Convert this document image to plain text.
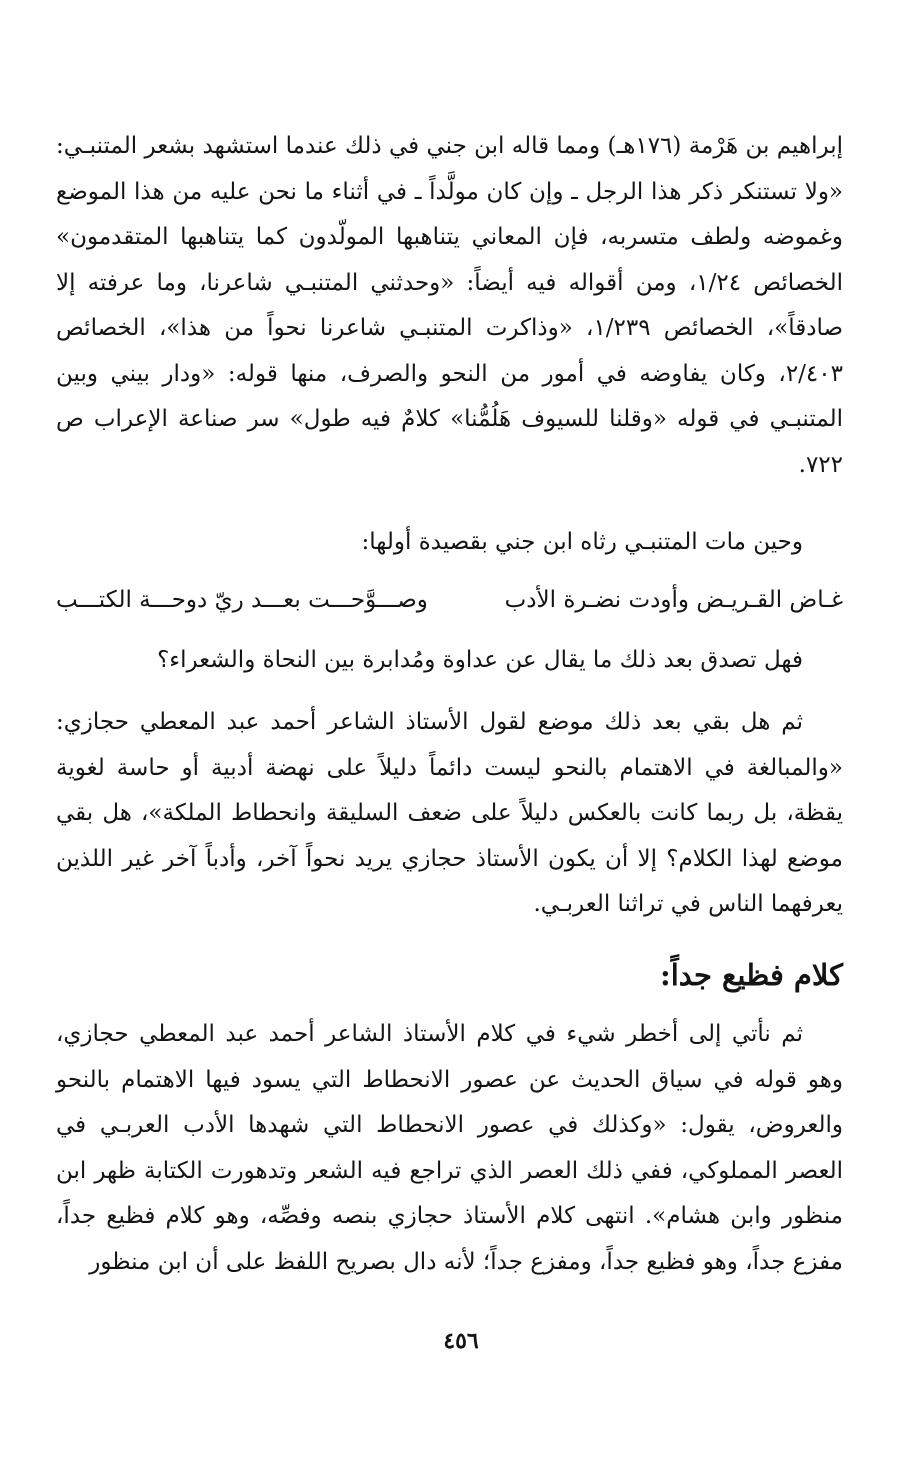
إبراهيم بن هَرْمة (١٧٦هـ) ومما قاله ابن جني في ذلك عندما استشهد بشعر المتنبـي: «ولا تستنكر ذكر هذا الرجل ـ وإن كان مولَّداً ـ في أثناء ما نحن عليه من هذا الموضع وغموضه ولطف متسربه، فإن المعاني يتناهبها المولّدون كما يتناهبها المتقدمون» الخصائص ١/٢٤، ومن أقواله فيه أيضاً: «وحدثني المتنبـي شاعرنا، وما عرفته إلا صادقاً»، الخصائص ١/٢٣٩، «وذاكرت المتنبـي شاعرنا نحواً من هذا»، الخصائص ٢/٤٠٣، وكان يفاوضه في أمور من النحو والصرف، منها قوله: «ودار بيني وبين المتنبـي في قوله «وقلنا للسيوف هَلُمُّنا» كلامٌ فيه طول» سر صناعة الإعراب ص ٧٢٢.

وحين مات المتنبـي رثاه ابن جني بقصيدة أولها:

غـاض القـريـض وأودت نضـرة الأدب
وصـــوَّحـــت بعـــد ريّ دوحـــة الكتـــب

فهل تصدق بعد ذلك ما يقال عن عداوة ومُدابرة بين النحاة والشعراء؟

ثم هل بقي بعد ذلك موضع لقول الأستاذ الشاعر أحمد عبد المعطي حجازي: «والمبالغة في الاهتمام بالنحو ليست دائماً دليلاً على نهضة أدبية أو حاسة لغوية يقظة، بل ربما كانت بالعكس دليلاً على ضعف السليقة وانحطاط الملكة»، هل بقي موضع لهذا الكلام؟ إلا أن يكون الأستاذ حجازي يريد نحواً آخر، وأدباً آخر غير اللذين يعرفهما الناس في تراثنا العربـي.

كلام فظيع جداً:

ثم نأتي إلى أخطر شيء في كلام الأستاذ الشاعر أحمد عبد المعطي حجازي، وهو قوله في سياق الحديث عن عصور الانحطاط التي يسود فيها الاهتمام بالنحو والعروض، يقول: «وكذلك في عصور الانحطاط التي شهدها الأدب العربـي في العصر المملوكي، ففي ذلك العصر الذي تراجع فيه الشعر وتدهورت الكتابة ظهر ابن منظور وابن هشام». انتهى كلام الأستاذ حجازي بنصه وفصِّه، وهو كلام فظيع جداً، مفزع جداً، وهو فظيع جداً، ومفزع جداً؛ لأنه دال بصريح اللفظ على أن ابن منظور

٤٥٦
